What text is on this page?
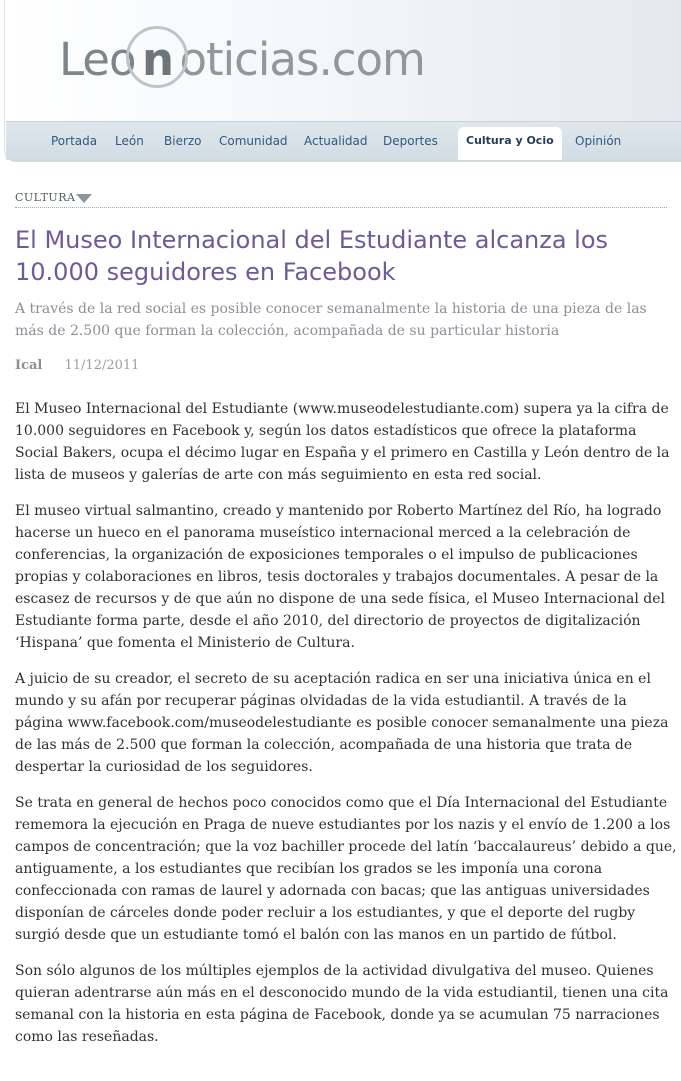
Leo n oticias.com
Portada León Bierzo Comunidad Actualidad Deportes	Cultura y Ocio	Opinión
CULTURA
El Museo Internacional del Estudiante alcanza los 10.000 seguidores en Facebook

A través de la red social es posible conocer semanalmente la historia de una pieza de las más de 2.500 que forman la colección, acompañada de su particular historia

Ical 11/12/2011

El Museo Internacional del Estudiante (www.museodelestudiante.com) supera ya la cifra de 10.000 seguidores en Facebook y, según los datos estadísticos que ofrece la plataforma Social Bakers, ocupa el décimo lugar en España y el primero en Castilla y León dentro de la lista de museos y galerías de arte con más seguimiento en esta red social.

El museo virtual salmantino, creado y mantenido por Roberto Martínez del Río, ha logrado hacerse un hueco en el panorama museístico internacional merced a la celebración de conferencias, la organización de exposiciones temporales o el impulso de publicaciones propias y colaboraciones en libros, tesis doctorales y trabajos documentales. A pesar de la escasez de recursos y de que aún no dispone de una sede física, el Museo Internacional del Estudiante forma parte, desde el año 2010, del directorio de proyectos de digitalización ‘Hispana’ que fomenta el Ministerio de Cultura.

A juicio de su creador, el secreto de su aceptación radica en ser una iniciativa única en el mundo y su afán por recuperar páginas olvidadas de la vida estudiantil. A través de la página www.facebook.com/museodelestudiante es posible conocer semanalmente una pieza de las más de 2.500 que forman la colección, acompañada de una historia que trata de despertar la curiosidad de los seguidores.

Se trata en general de hechos poco conocidos como que el Día Internacional del Estudiante rememora la ejecución en Praga de nueve estudiantes por los nazis y el envío de 1.200 a los campos de concentración; que la voz bachiller procede del latín ‘baccalaureus’ debido a que, antiguamente, a los estudiantes que recibían los grados se les imponía una corona confeccionada con ramas de laurel y adornada con bacas; que las antiguas universidades disponían de cárceles donde poder recluir a los estudiantes, y que el deporte del rugby surgió desde que un estudiante tomó el balón con las manos en un partido de fútbol.

Son sólo algunos de los múltiples ejemplos de la actividad divulgativa del museo. Quienes quieran adentrarse aún más en el desconocido mundo de la vida estudiantil, tienen una cita semanal con la historia en esta página de Facebook, donde ya se acumulan 75 narraciones como las reseñadas.
